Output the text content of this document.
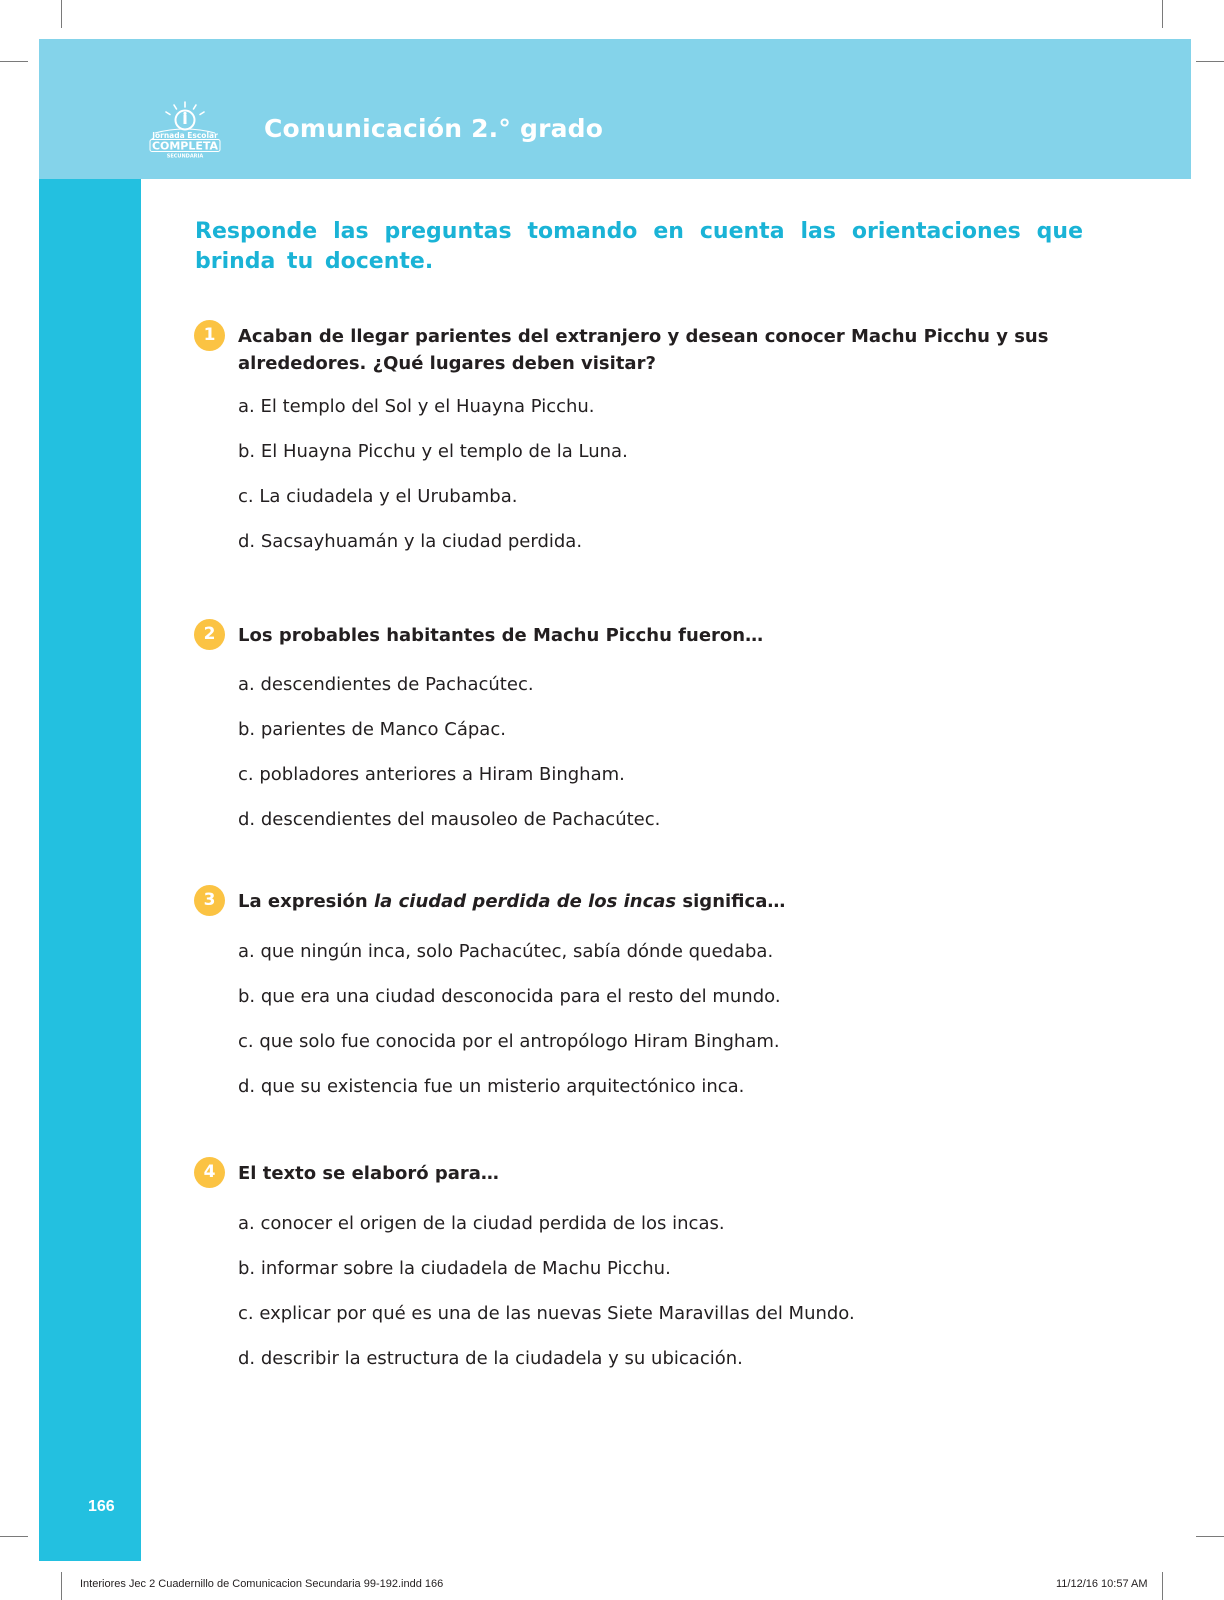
Jornada Escolar
COMPLETA
SECUNDARIA
Comunicación 2.° grado
Responde las preguntas tomando en cuenta las orientaciones que brinda tu docente.
1	Acaban de llegar parientes del extranjero y desean conocer Machu Picchu y sus alrededores. ¿Qué lugares deben visitar?
a. El templo del Sol y el Huayna Picchu.
b. El Huayna Picchu y el templo de la Luna.
c. La ciudadela y el Urubamba.
d. Sacsayhuamán y la ciudad perdida.
2	Los probables habitantes de Machu Picchu fueron…
a. descendientes de Pachacútec.
b. parientes de Manco Cápac.
c. pobladores anteriores a Hiram Bingham.
d. descendientes del mausoleo de Pachacútec.
3	La expresión la ciudad perdida de los incas significa…
a. que ningún inca, solo Pachacútec, sabía dónde quedaba.
b. que era una ciudad desconocida para el resto del mundo.
c. que solo fue conocida por el antropólogo Hiram Bingham.
d. que su existencia fue un misterio arquitectónico inca.
4	El texto se elaboró para…
a. conocer el origen de la ciudad perdida de los incas.
b. informar sobre la ciudadela de Machu Picchu.
c. explicar por qué es una de las nuevas Siete Maravillas del Mundo.
d. describir la estructura de la ciudadela y su ubicación.
166
Interiores Jec 2 Cuadernillo de Comunicacion Secundaria 99-192.indd 166	11/12/16 10:57 AM
